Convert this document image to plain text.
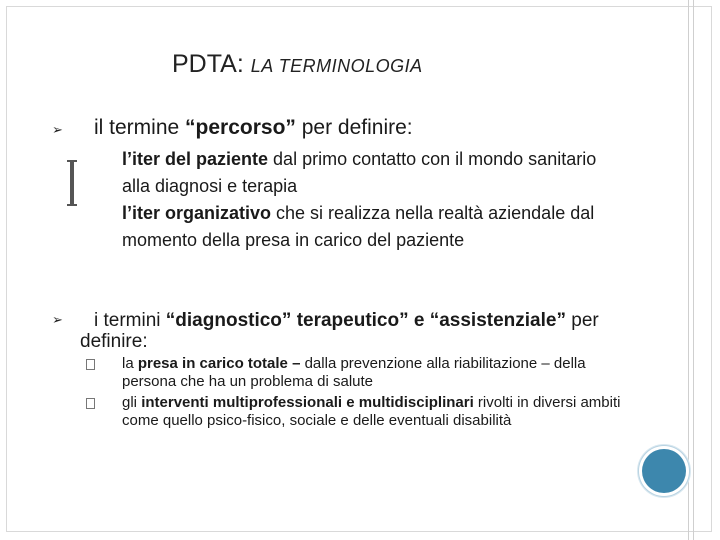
PDTA: LA TERMINOLOGIA
➢ il termine “percorso” per definire:

l’iter del paziente dal primo contatto con il mondo sanitario alla diagnosi e terapia

l’iter organizativo che si realizza nella realtà aziendale dal momento della presa in carico del paziente

➢	i termini “diagnostico” terapeutico” e “assistenziale” per definire:

la presa in carico totale – dalla prevenzione alla riabilitazione – della persona che ha un problema di salute

gli interventi multiprofessionali e multidisciplinari rivolti in diversi ambiti come quello psico-fisico, sociale e delle eventuali disabilità
